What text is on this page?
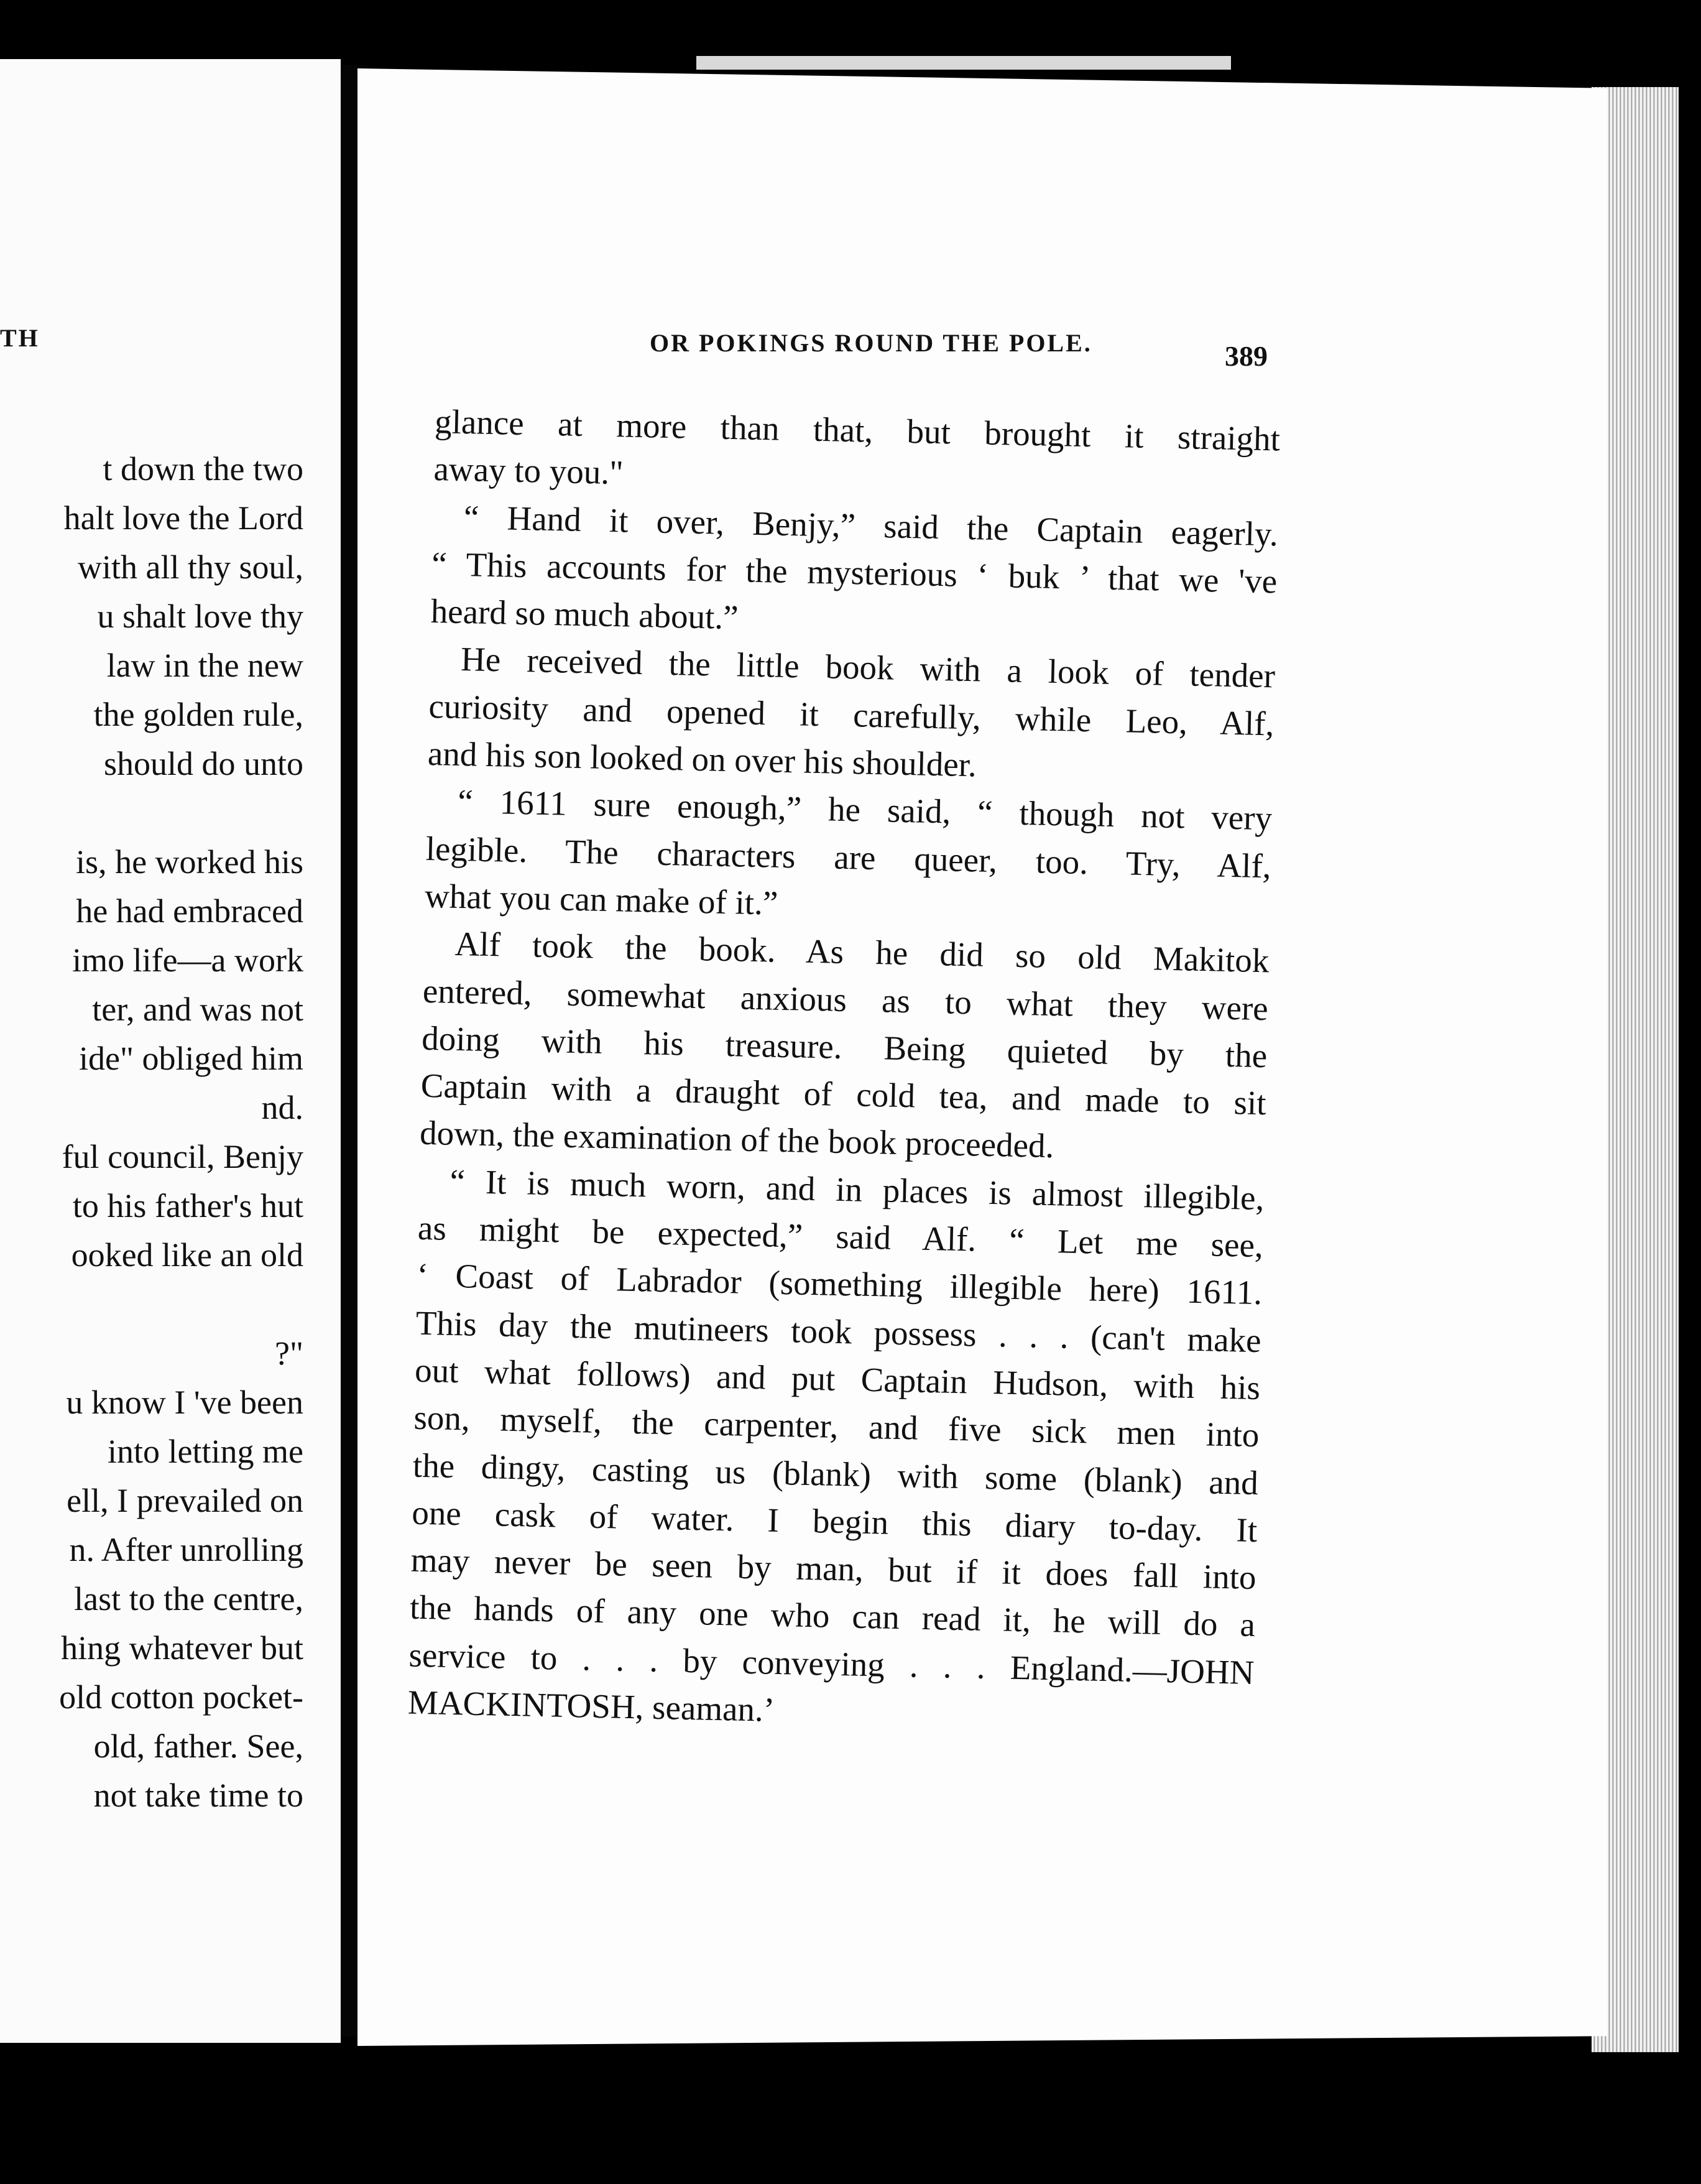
TH
t down the two
halt love the Lord
with all thy soul,
u shalt love thy
law in the new
the golden rule,
should do unto
is, he worked his
he had embraced
imo life—a work
ter, and was not
ide" obliged him
nd.
ful council, Benjy
to his father's hut
ooked like an old
?"
u know I 've been
into letting me
ell, I prevailed on
n. After unrolling
last to the centre,
hing whatever but
old cotton pocket-
old, father. See,
not take time to
OR POKINGS ROUND THE POLE.	389
glance at more than that, but brought it straight
away to you."
“ Hand it over, Benjy,” said the Captain eagerly.
“ This accounts for the mysterious ‘ buk ’ that we 've
heard so much about.”
He received the little book with a look of tender
curiosity and opened it carefully, while Leo, Alf,
and his son looked on over his shoulder.
“ 1611 sure enough,” he said, “ though not very
legible. The characters are queer, too. Try, Alf,
what you can make of it.”
Alf took the book. As he did so old Makitok
entered, somewhat anxious as to what they were
doing with his treasure. Being quieted by the
Captain with a draught of cold tea, and made to sit
down, the examination of the book proceeded.
“ It is much worn, and in places is almost illegible,
as might be expected,” said Alf. “ Let me see,
‘ Coast of Labrador (something illegible here) 1611.
This day the mutineers took possess . . . (can't make
out what follows) and put Captain Hudson, with his
son, myself, the carpenter, and five sick men into
the dingy, casting us (blank) with some (blank) and
one cask of water. I begin this diary to-day. It
may never be seen by man, but if it does fall into
the hands of any one who can read it, he will do a
service to . . . by conveying . . . England.—JOHN
MACKINTOSH, seaman.’
